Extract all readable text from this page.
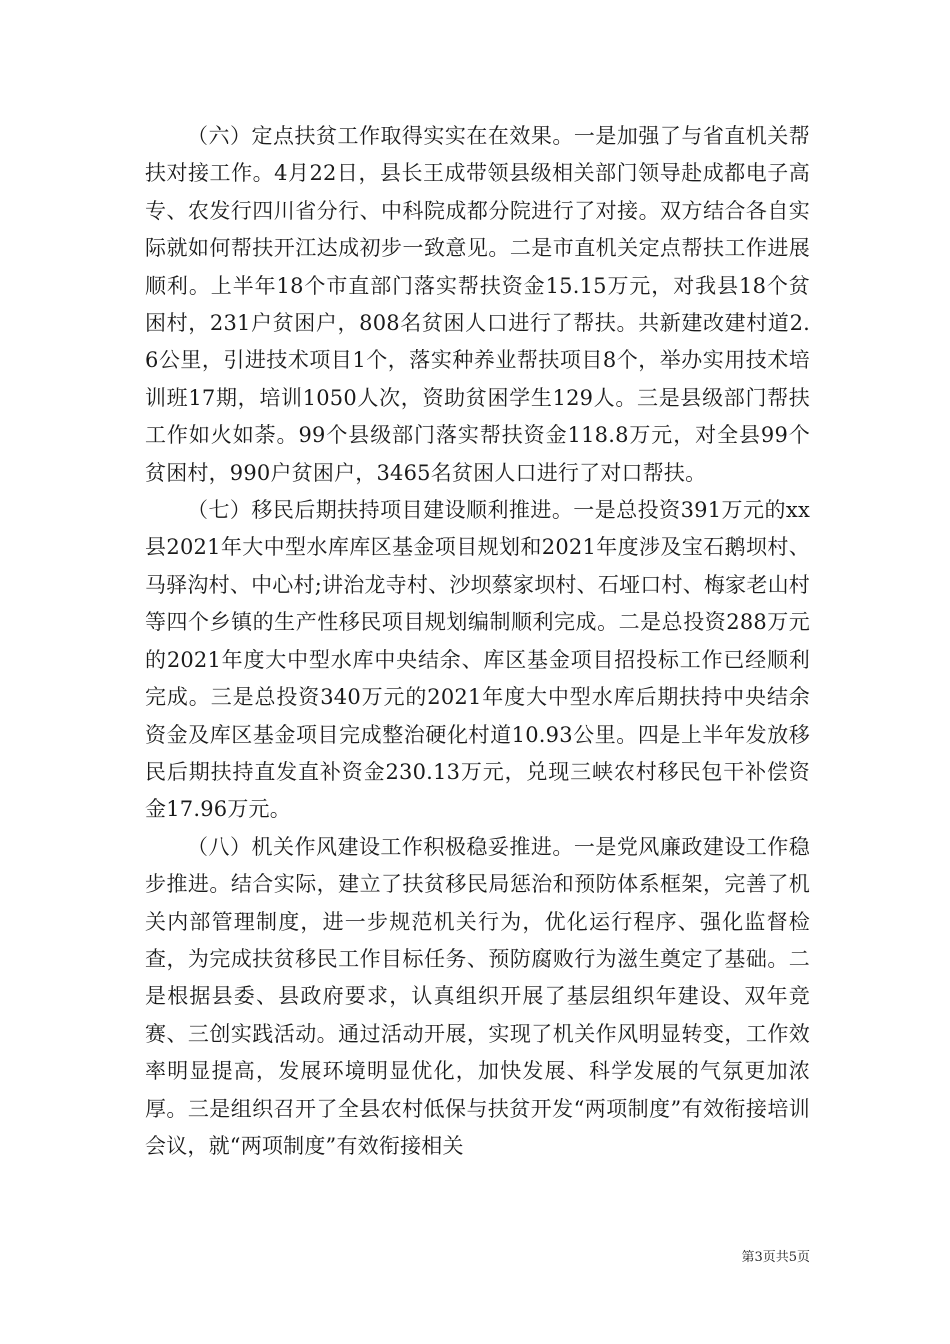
（六）定点扶贫工作取得实实在在效果。一是加强了与省直机关帮扶对接工作。4月22日，县长王成带领县级相关部门领导赴成都电子高专、农发行四川省分行、中科院成都分院进行了对接。双方结合各自实际就如何帮扶开江达成初步一致意见。二是市直机关定点帮扶工作进展顺利。上半年18个市直部门落实帮扶资金15.15万元，对我县18个贫困村，231户贫困户，808名贫困人口进行了帮扶。共新建改建村道2.6公里，引进技术项目1个，落实种养业帮扶项目8个，举办实用技术培训班17期，培训1050人次，资助贫困学生129人。三是县级部门帮扶工作如火如荼。99个县级部门落实帮扶资金118.8万元，对全县99个贫困村，990户贫困户，3465名贫困人口进行了对口帮扶。

（七）移民后期扶持项目建设顺利推进。一是总投资391万元的xx县2021年大中型水库库区基金项目规划和2021年度涉及宝石鹅坝村、马驿沟村、中心村;讲治龙寺村、沙坝蔡家坝村、石垭口村、梅家老山村等四个乡镇的生产性移民项目规划编制顺利完成。二是总投资288万元的2021年度大中型水库中央结余、库区基金项目招投标工作已经顺利完成。三是总投资340万元的2021年度大中型水库后期扶持中央结余资金及库区基金项目完成整治硬化村道10.93公里。四是上半年发放移民后期扶持直发直补资金230.13万元，兑现三峡农村移民包干补偿资金17.96万元。

（八）机关作风建设工作积极稳妥推进。一是党风廉政建设工作稳步推进。结合实际，建立了扶贫移民局惩治和预防体系框架，完善了机关内部管理制度，进一步规范机关行为，优化运行程序、强化监督检查，为完成扶贫移民工作目标任务、预防腐败行为滋生奠定了基础。二是根据县委、县政府要求，认真组织开展了基层组织年建设、双年竞赛、三创实践活动。通过活动开展，实现了机关作风明显转变，工作效率明显提高，发展环境明显优化，加快发展、科学发展的气氛更加浓厚。三是组织召开了全县农村低保与扶贫开发“两项制度”有效衔接培训会议，就“两项制度”有效衔接相关

第3页共5页
